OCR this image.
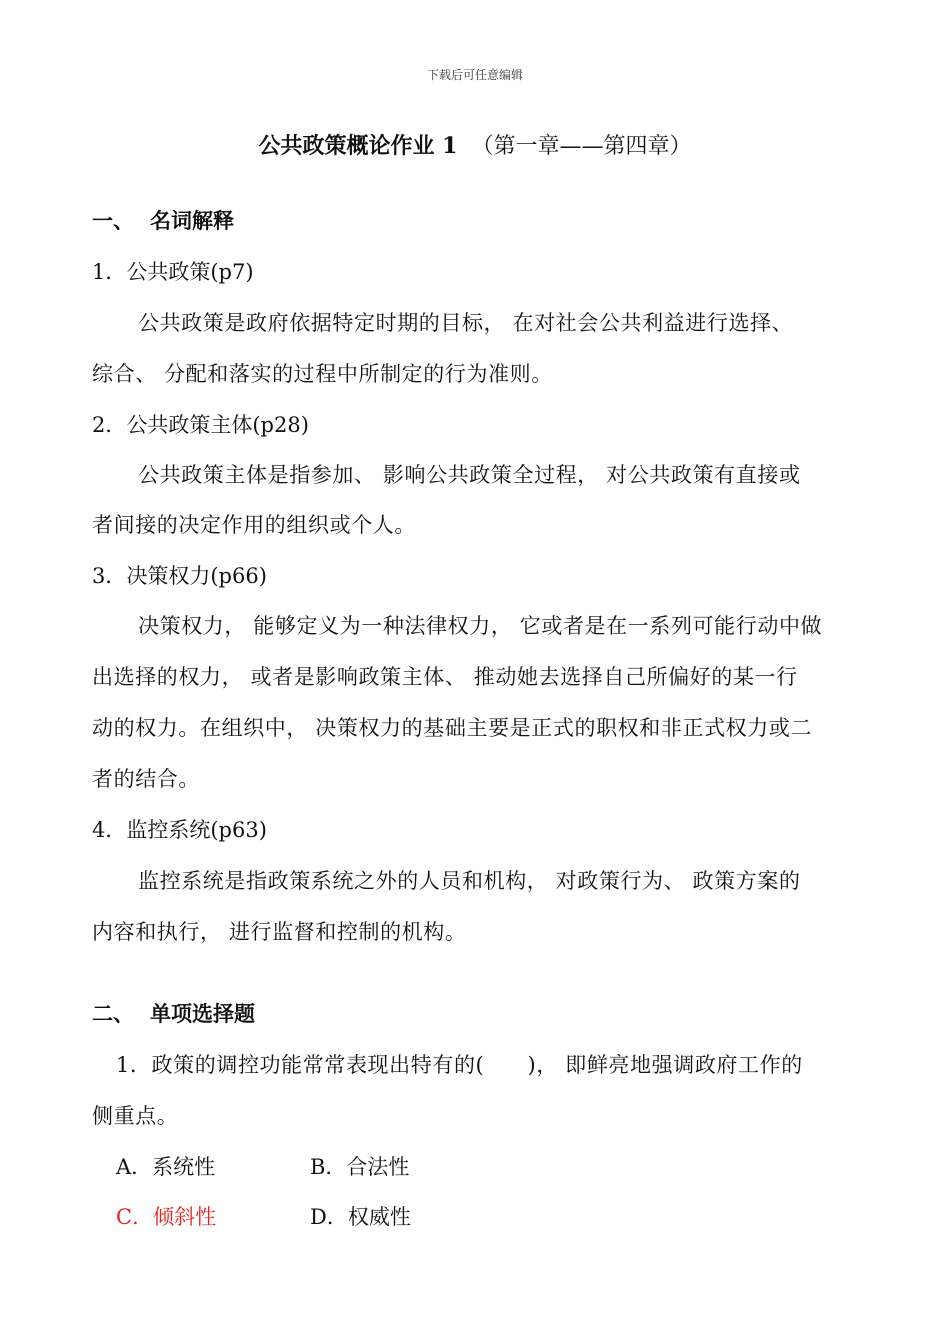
下载后可任意编辑
公共政策概论作业 1 （第一章——第四章）
一、 名词解释
1．公共政策(p7)
公共政策是政府依据特定时期的目标， 在对社会公共利益进行选择、
综合、 分配和落实的过程中所制定的行为准则。
2．公共政策主体(p28)
公共政策主体是指参加、 影响公共政策全过程， 对公共政策有直接或
者间接的决定作用的组织或个人。
3．决策权力(p66)
决策权力， 能够定义为一种法律权力， 它或者是在一系列可能行动中做
出选择的权力， 或者是影响政策主体、 推动她去选择自己所偏好的某一行
动的权力。在组织中， 决策权力的基础主要是正式的职权和非正式权力或二
者的结合。
4．监控系统(p63)
监控系统是指政策系统之外的人员和机构， 对政策行为、 政策方案的
内容和执行， 进行监督和控制的机构。
二、 单项选择题
1．政策的调控功能常常表现出特有的(　　)， 即鲜亮地强调政府工作的
侧重点。
A．系统性	B．合法性
C．倾斜性	D．权威性
